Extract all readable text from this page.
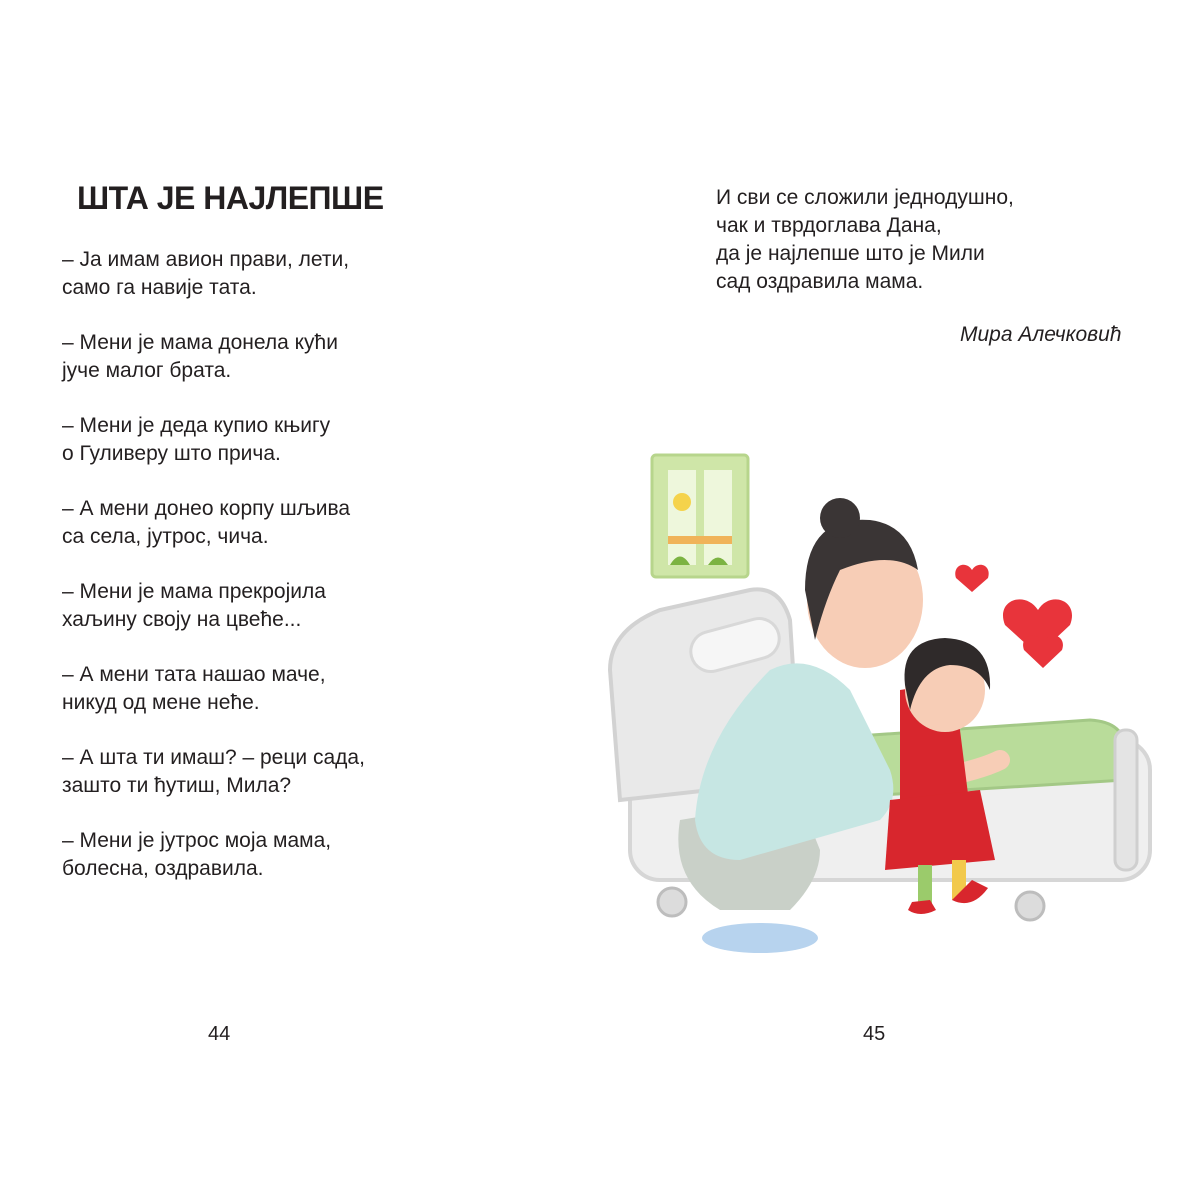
ШТА ЈЕ НАЈЛЕПШЕ

– Ја имам авион прави, лети,
само га навије тата.

– Мени је мама донела кући
јуче малог брата.

– Мени је деда купио књигу
о Гуливеру што прича.

– А мени донео корпу шљива
са села, јутрос, чича.

– Мени је мама прекројила
хаљину своју на цвеће...

– А мени тата нашао маче,
никуд од мене неће.

– А шта ти имаш? – реци сада,
зашто ти ћутиш, Мила?

– Мени је јутрос моја мама,
болесна, оздравила.

44
И сви се сложили једнодушно,
чак и тврдоглава Дана,
да је најлепше што је Мили
сад оздравила мама.
Мира Алечковић
45
